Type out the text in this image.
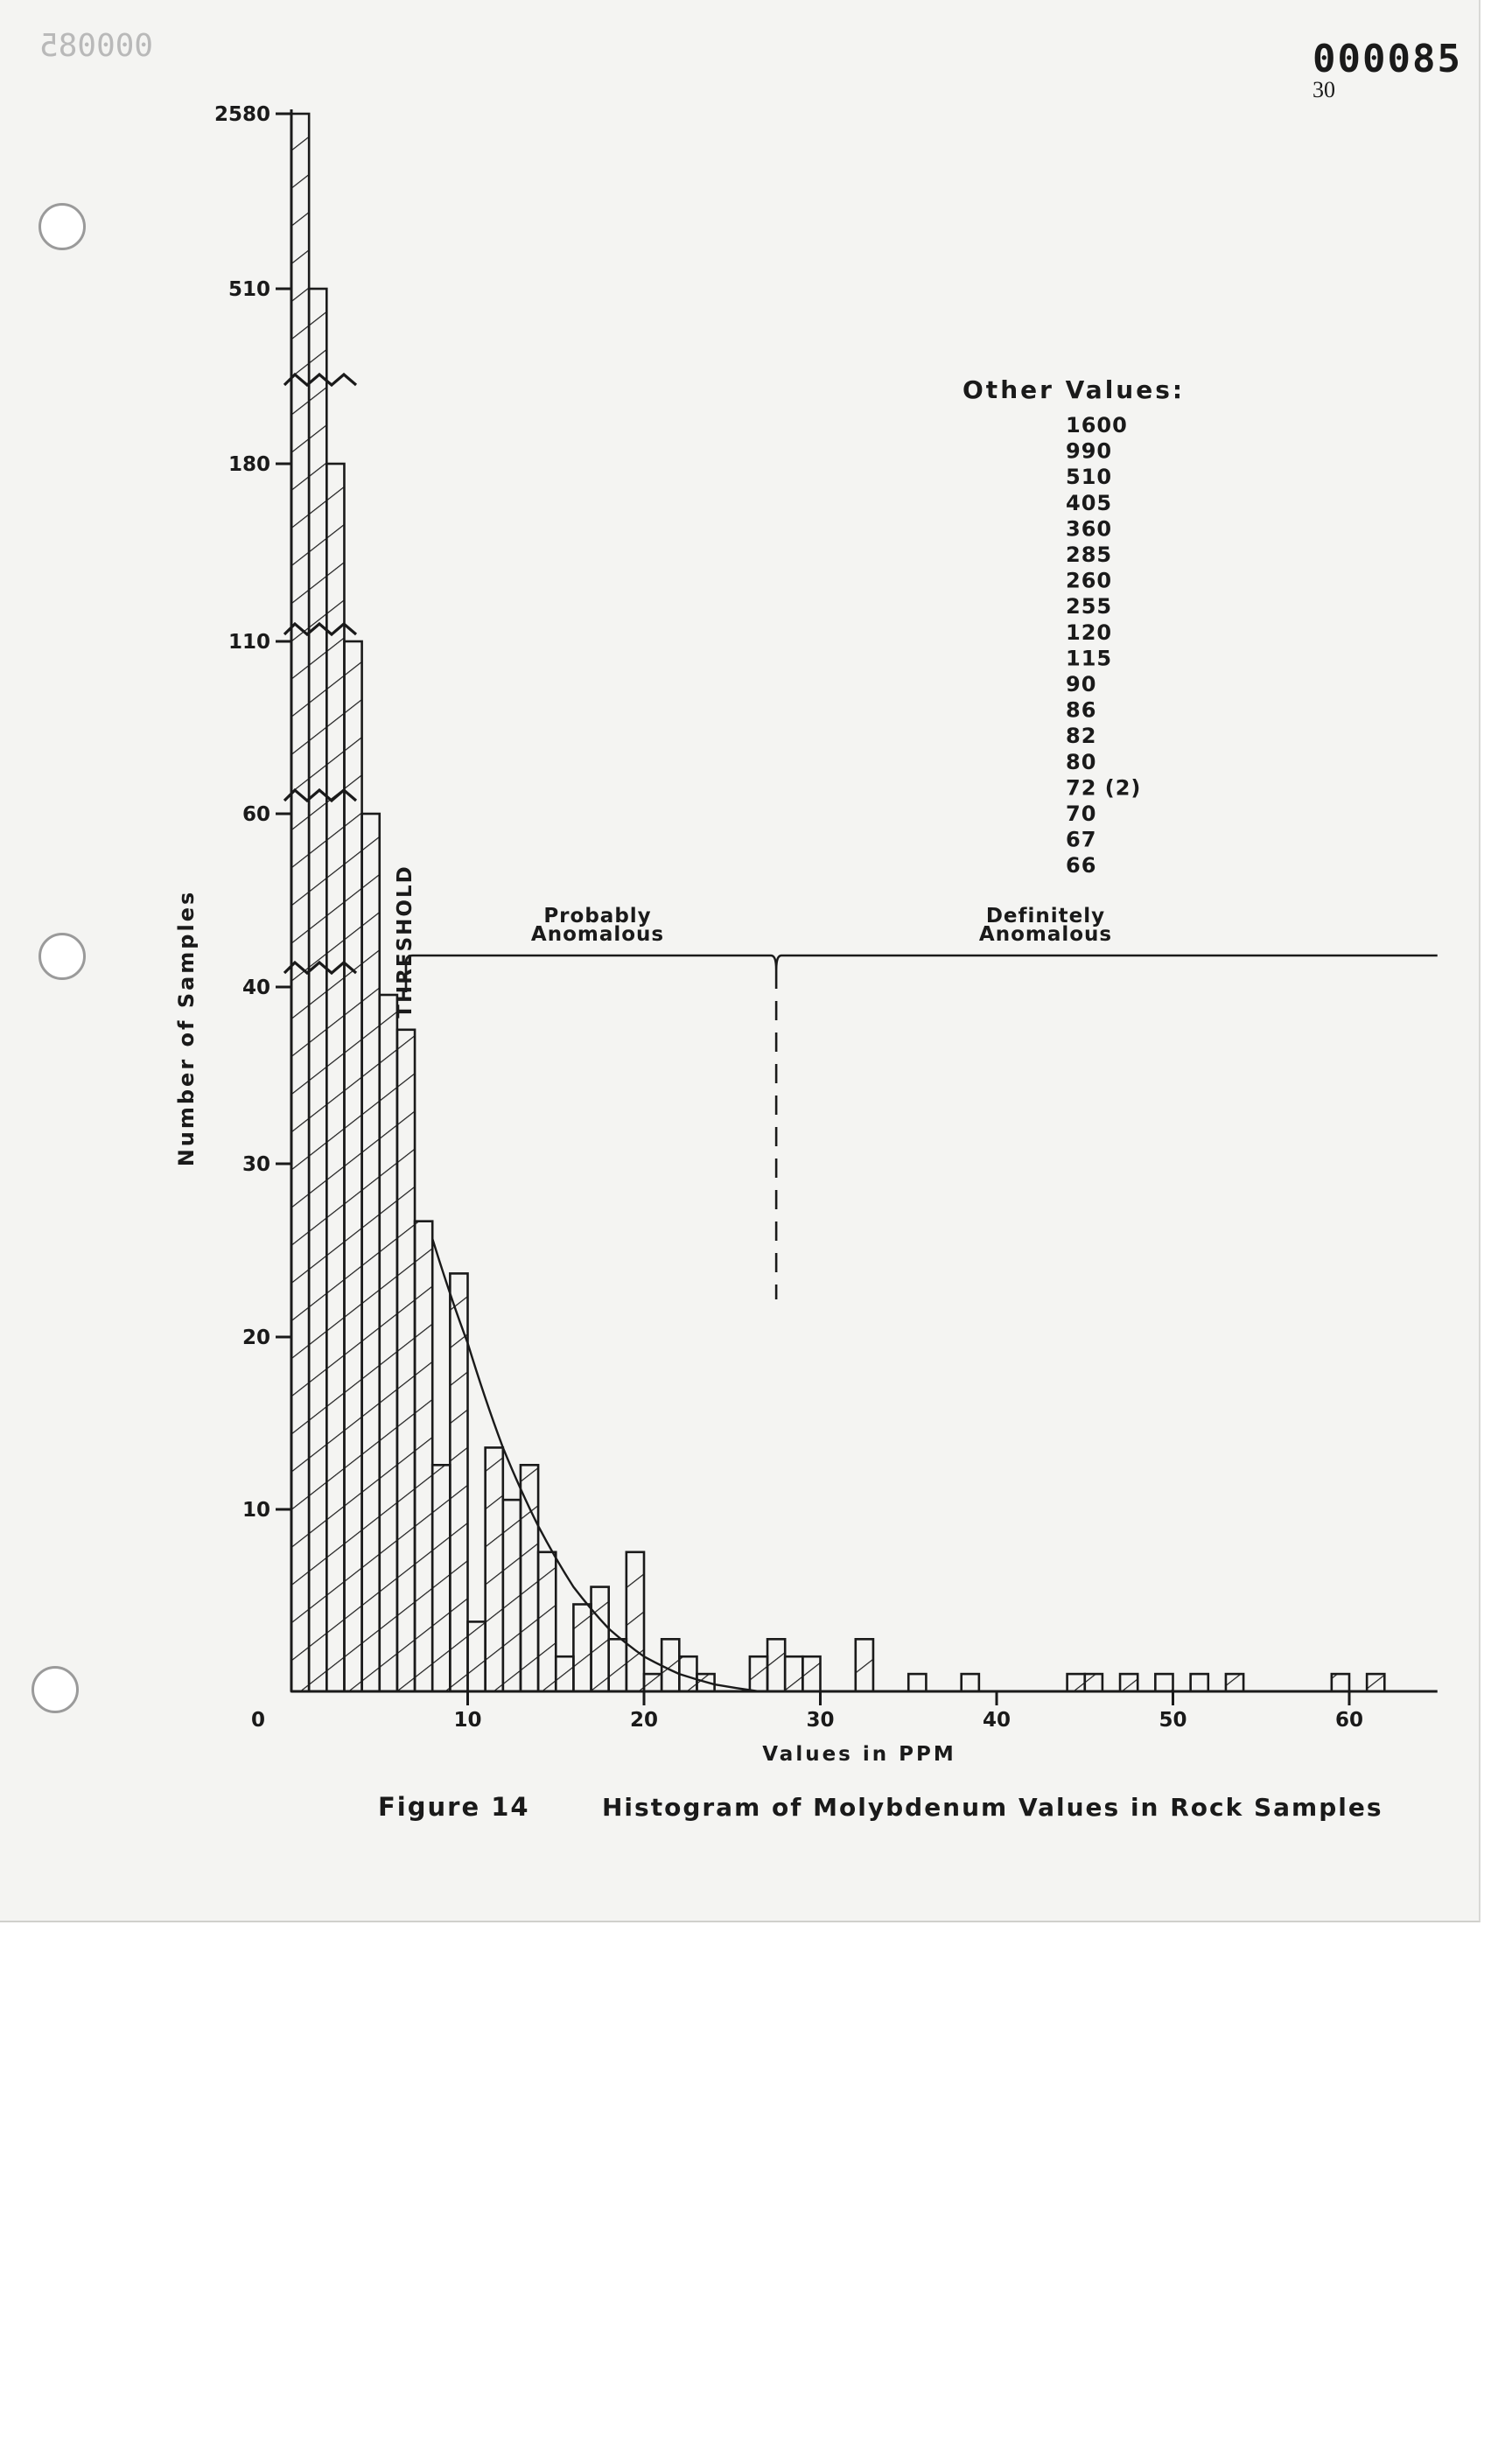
000085	000085
30
2580
510
180
110
60
40
30
20
10
0	10	20	30	40	50	60
Number of Samples
Values in PPM
THRESHOLD	Probably
Anomalous
Definitely
Anomalous
Other Values:
1600
990
510
405
360
285
260
255
120
115
90
86
82
80
72 (2)
70
67
66
Figure 14	Histogram of Molybdenum Values in Rock Samples
